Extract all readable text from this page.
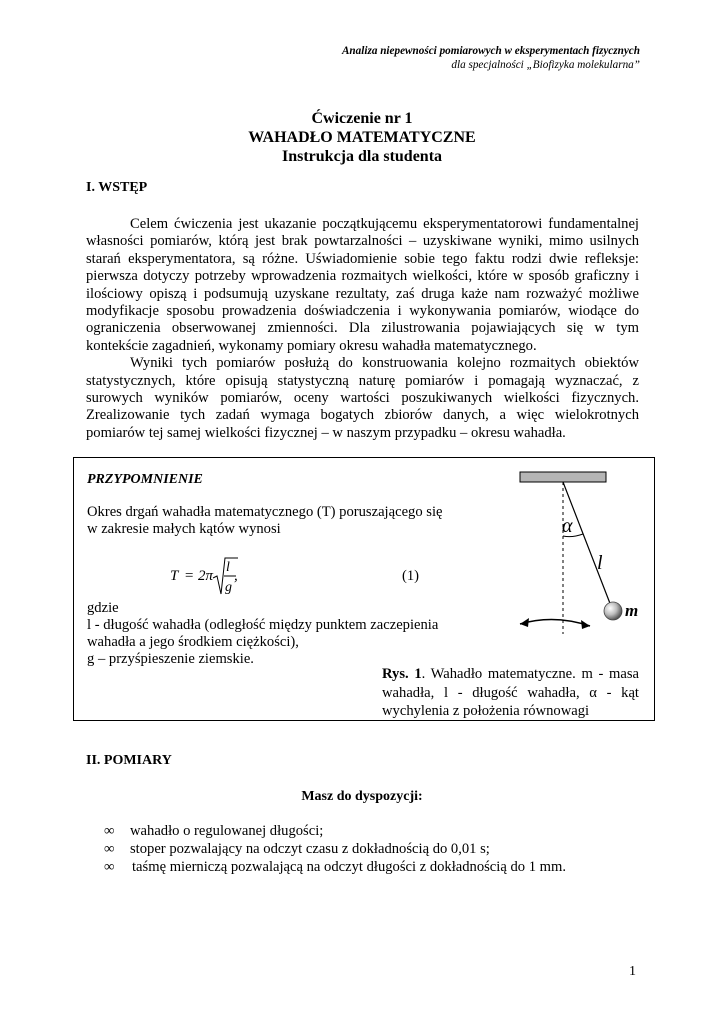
Analiza niepewności pomiarowych w eksperymentach fizycznych
dla specjalności „Biofizyka molekularna”
Ćwiczenie nr 1
WAHADŁO MATEMATYCZNE
Instrukcja dla studenta
I. WSTĘP

Celem ćwiczenia jest ukazanie początkującemu eksperymentatorowi fundamentalnej własności pomiarów, którą jest brak powtarzalności – uzyskiwane wyniki, mimo usilnych starań eksperymentatora, są różne. Uświadomienie sobie tego faktu rodzi dwie refleksje: pierwsza dotyczy potrzeby wprowadzenia rozmaitych wielkości, które w sposób graficzny i ilościowy opiszą i podsumują uzyskane rezultaty, zaś druga każe nam rozważyć możliwe modyfikacje sposobu prowadzenia doświadczenia i wykonywania pomiarów, wiodące do ograniczenia obserwowanej zmienności. Dla zilustrowania pojawiających się w tym kontekście zagadnień, wykonamy pomiary okresu wahadła matematycznego.

Wyniki tych pomiarów posłużą do konstruowania kolejno rozmaitych obiektów statystycznych, które opisują statystyczną naturę pomiarów i pomagają wyznaczać, z surowych wyników pomiarów, oceny wartości poszukiwanych wielkości fizycznych. Zrealizowanie tych zadań wymaga bogatych zbiorów danych, a więc wielokrotnych pomiarów tej samej wielkości fizycznej – w naszym przypadku – okresu wahadła.

PRZYPOMNIENIE
Okres drgań wahadła matematycznego (T) poruszającego się
w zakresie małych kątów wynosi
T = 2π
l
g
,	(1)
gdzie
l - długość wahadła (odległość między punktem zaczepienia
wahadła a jego środkiem ciężkości),
g – przyśpieszenie ziemskie.
α
l
m
Rys. 1. Wahadło matematyczne. m - masa wahadła, l - długość wahadła, α - kąt wychylenia z położenia równowagi
II. POMIARY
Masz do dyspozycji:
∞ wahadło o regulowanej długości;
∞ stoper pozwalający na odczyt czasu z dokładnością do 0,01 s;
∞ taśmę mierniczą pozwalającą na odczyt długości z dokładnością do 1 mm.
1
